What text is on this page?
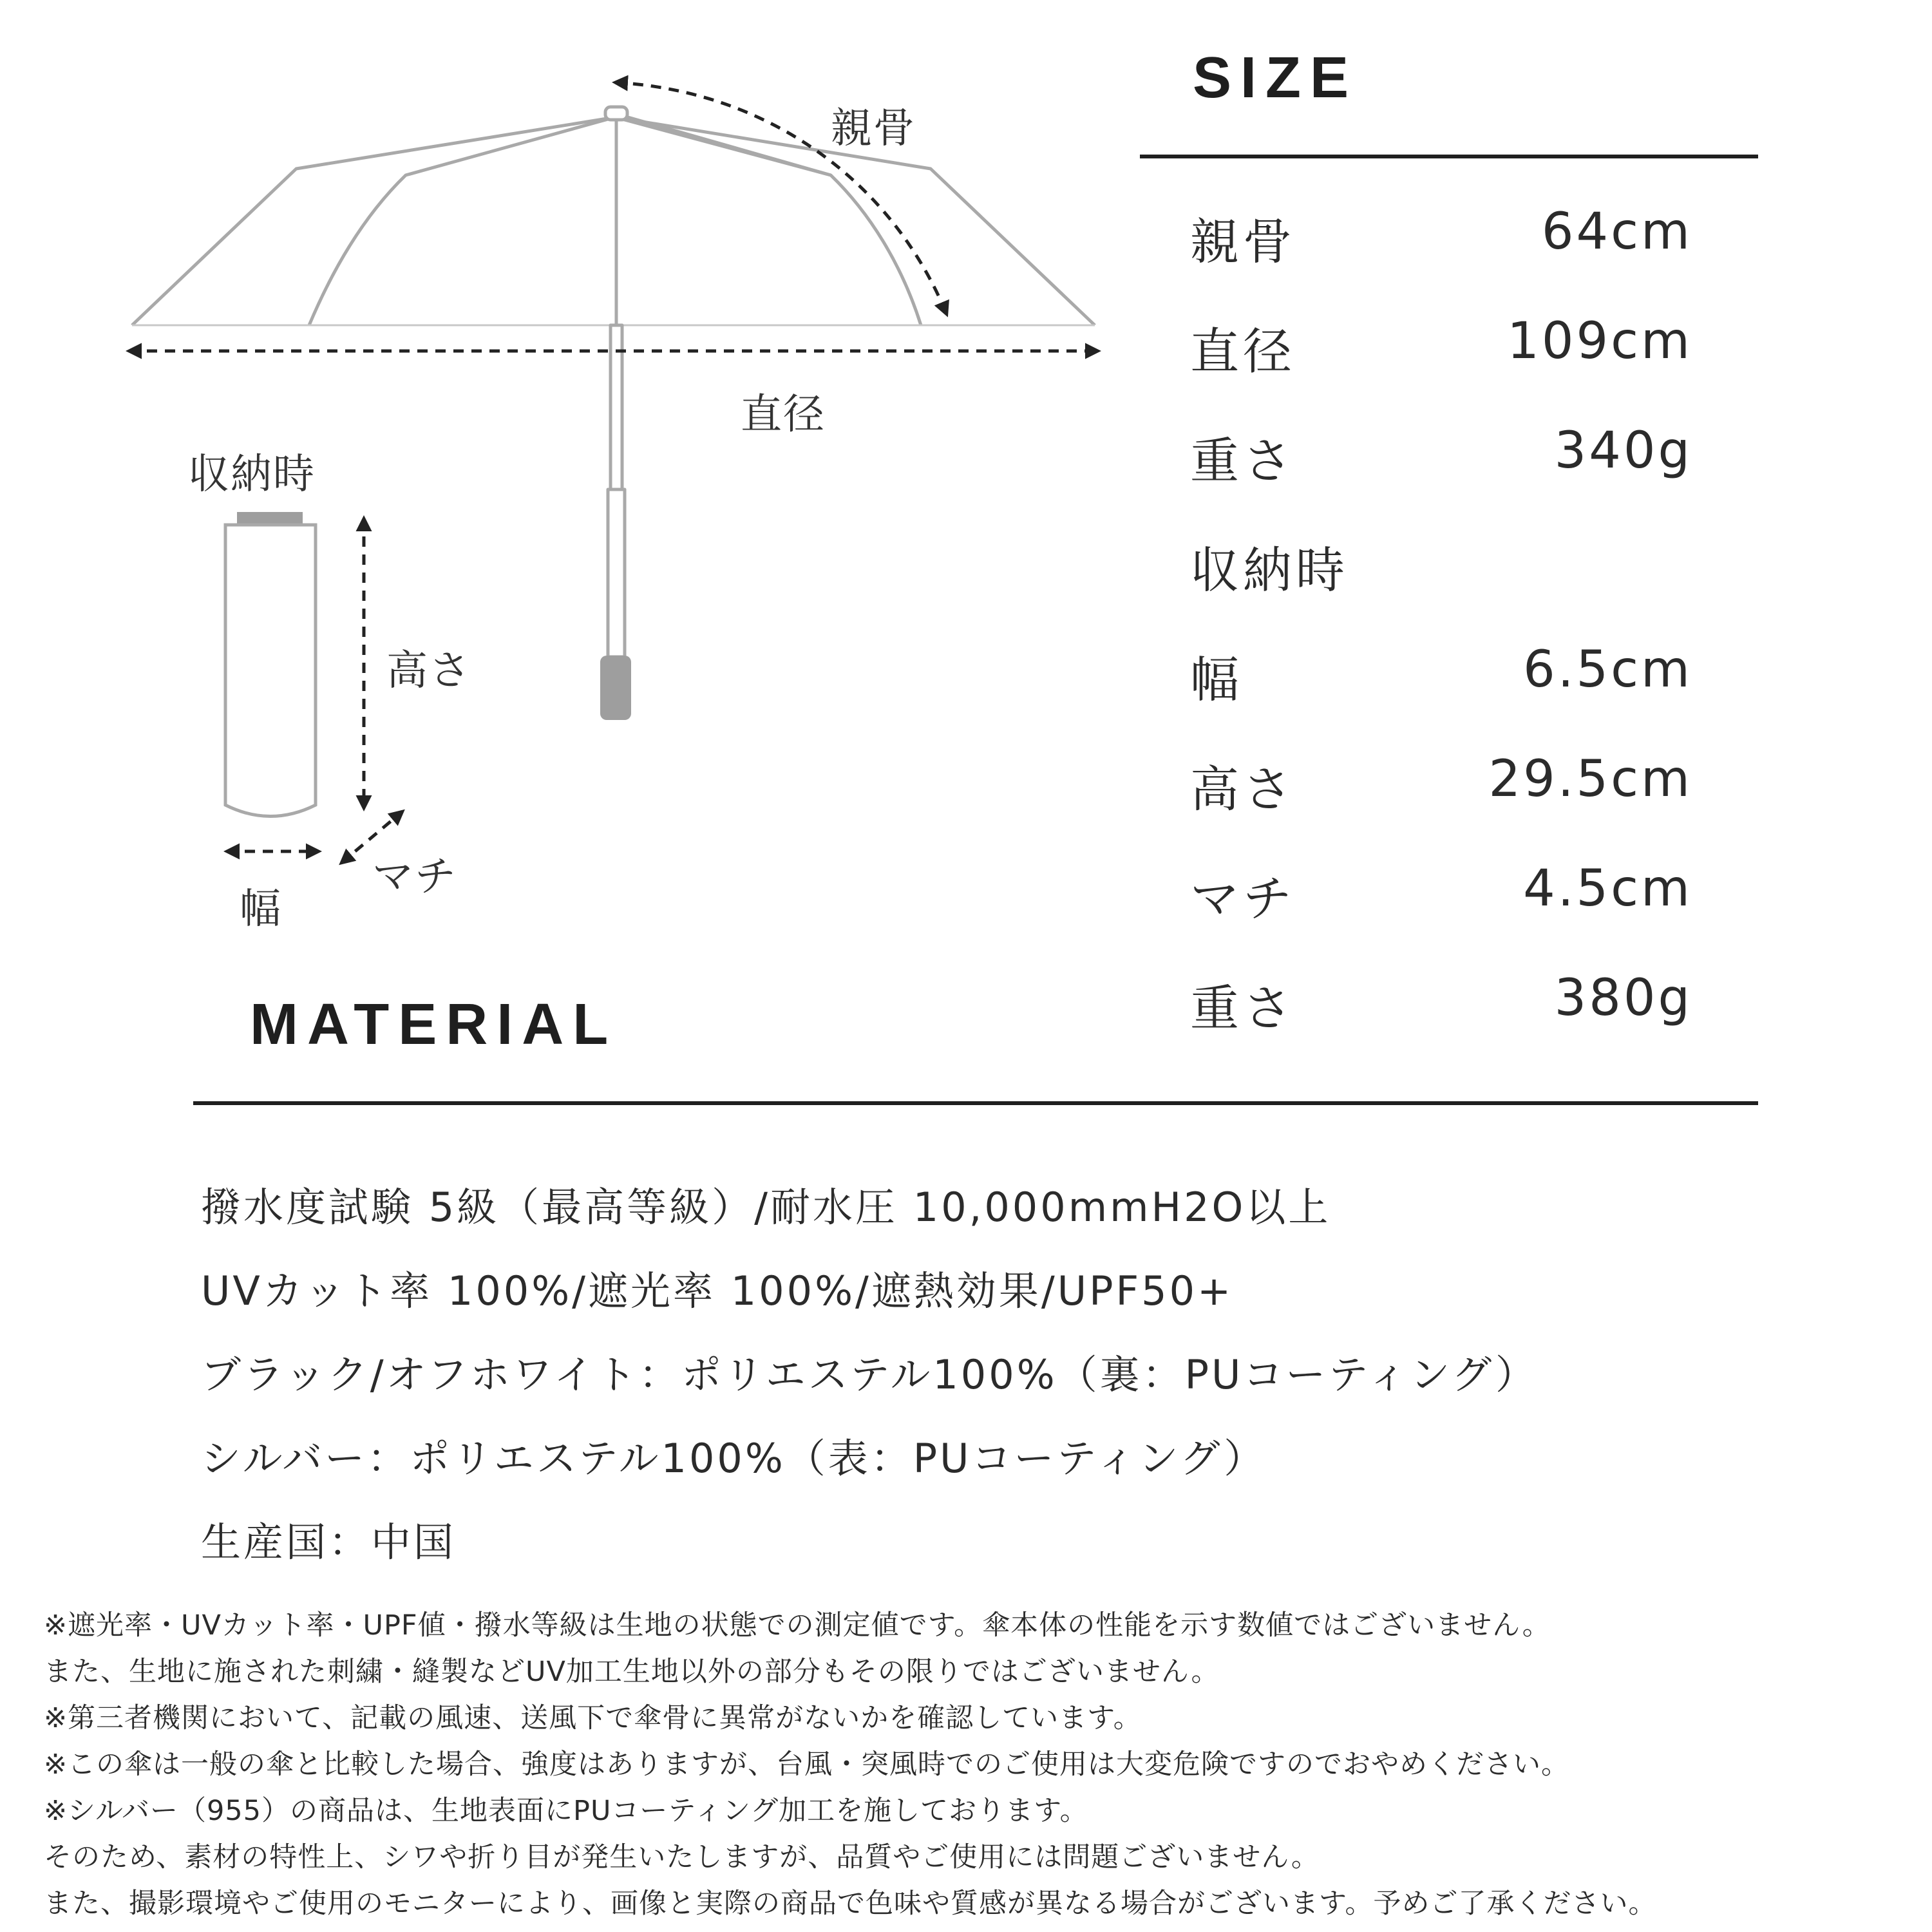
親骨
直径
収納時
高さ
幅
マチ
SIZE
親骨	64cm
直径	109cm
重さ	340g
収納時
幅	6.5cm
高さ	29.5cm
マチ	4.5cm
重さ	380g
MATERIAL
撥水度試験 5級（最高等級）/耐水圧 10,000mmH2O以上
UVカット率 100%/遮光率 100%/遮熱効果/UPF50+
ブラック/オフホワイト：ポリエステル100%（裏：PUコーティング）
シルバー：ポリエステル100%（表：PUコーティング）
生産国：中国
※遮光率・UVカット率・UPF値・撥水等級は生地の状態での測定値です。傘本体の性能を示す数値ではございません。
また、生地に施された刺繍・縫製などUV加工生地以外の部分もその限りではございません。
※第三者機関において、記載の風速、送風下で傘骨に異常がないかを確認しています。
※この傘は一般の傘と比較した場合、強度はありますが、台風・突風時でのご使用は大変危険ですのでおやめください。
※シルバー（955）の商品は、生地表面にPUコーティング加工を施しております。
そのため、素材の特性上、シワや折り目が発生いたしますが、品質やご使用には問題ございません。
また、撮影環境やご使用のモニターにより、画像と実際の商品で色味や質感が異なる場合がございます。予めご了承ください。
